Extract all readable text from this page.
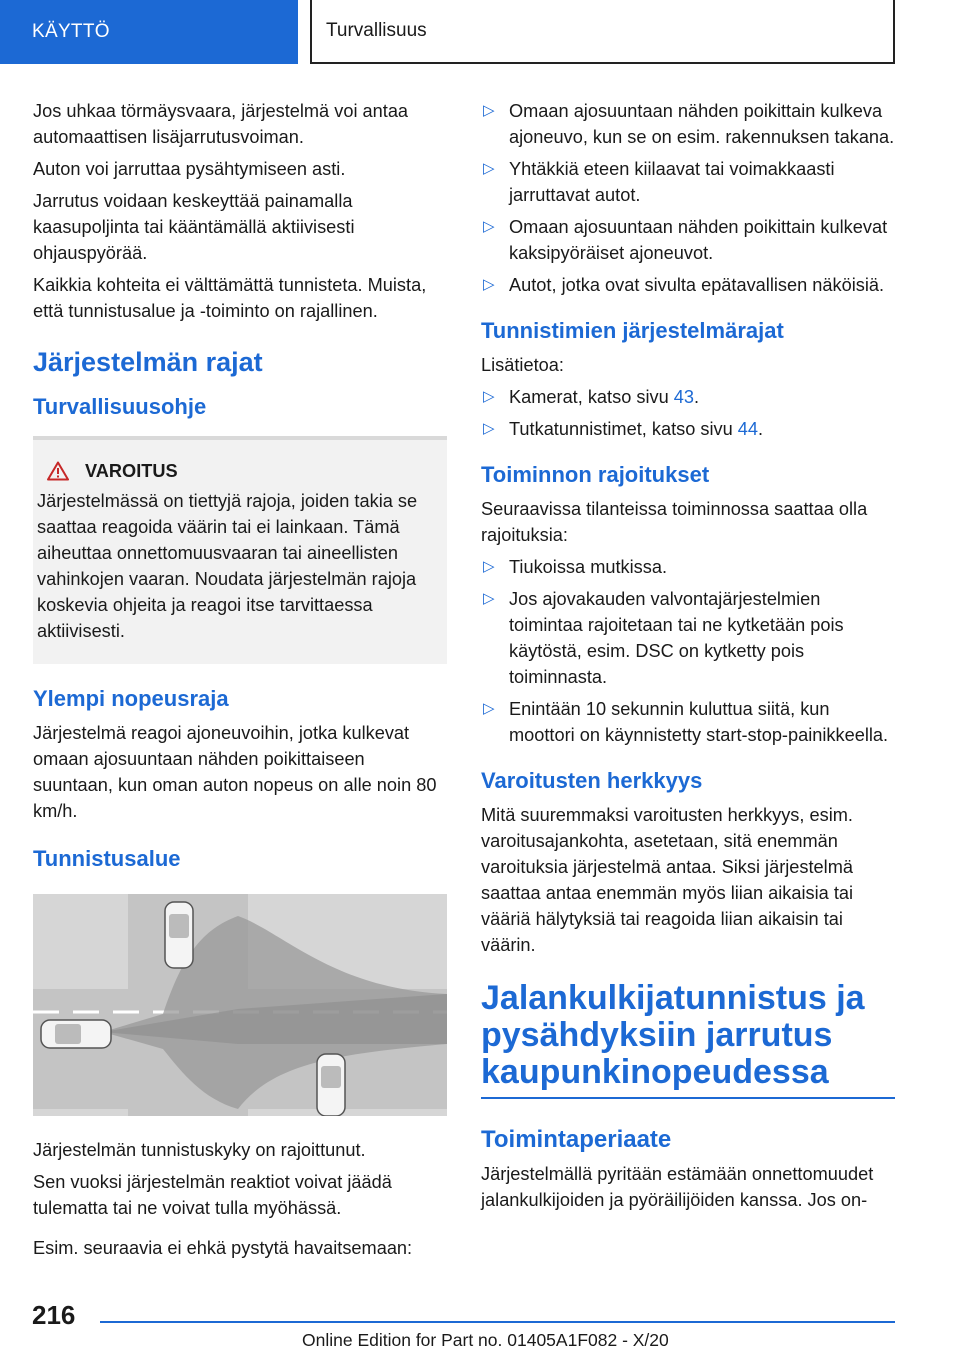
KÄYTTÖ	Turvallisuus

Jos uhkaa törmäysvaara, järjestelmä voi antaa automaattisen lisäjarrutusvoiman.

Auton voi jarruttaa pysähtymiseen asti.

Jarrutus voidaan keskeyttää painamalla kaasupoljinta tai kääntämällä aktiivisesti ohjauspyörää.

Kaikkia kohteita ei välttämättä tunnisteta. Muista, että tunnistusalue ja -toiminto on rajallinen.

Järjestelmän rajat
Turvallisuusohje
VAROITUS
Järjestelmässä on tiettyjä rajoja, joiden takia se saattaa reagoida väärin tai ei lainkaan. Tämä aiheuttaa onnettomuusvaaran tai aineellisten vahinkojen vaaran. Noudata järjestelmän rajoja koskevia ohjeita ja reagoi itse tarvittaessa aktiivisesti.
Ylempi nopeusraja

Järjestelmä reagoi ajoneuvoihin, jotka kulkevat omaan ajosuuntaan nähden poikittaiseen suuntaan, kun oman auton nopeus on alle noin 80 km/h.

Tunnistusalue

Järjestelmän tunnistuskyky on rajoittunut.

Sen vuoksi järjestelmän reaktiot voivat jäädä tulematta tai ne voivat tulla myöhässä.

Esim. seuraavia ei ehkä pystytä havaitsemaan:

▷ Omaan ajosuuntaan nähden poikittain kulkeva ajoneuvo, kun se on esim. rakennuksen takana.
▷ Yhtäkkiä eteen kiilaavat tai voimakkaasti jarruttavat autot.
▷ Omaan ajosuuntaan nähden poikittain kulkevat kaksipyöräiset ajoneuvot.
▷ Autot, jotka ovat sivulta epätavallisen näköisiä.
Tunnistimien järjestelmärajat

Lisätietoa:

▷ Kamerat, katso sivu 43.
▷ Tutkatunnistimet, katso sivu 44.
Toiminnon rajoitukset

Seuraavissa tilanteissa toiminnossa saattaa olla rajoituksia:

▷ Tiukoissa mutkissa.
▷ Jos ajovakauden valvontajärjestelmien toimintaa rajoitetaan tai ne kytketään pois käytöstä, esim. DSC on kytketty pois toiminnasta.
▷ Enintään 10 sekunnin kuluttua siitä, kun moottori on käynnistetty start-stop-painikkeella.
Varoitusten herkkyys

Mitä suuremmaksi varoitusten herkkyys, esim. varoitusajankohta, asetetaan, sitä enemmän varoituksia järjestelmä antaa. Siksi järjestelmä saattaa antaa enemmän myös liian aikaisia tai vääriä hälytyksiä tai reagoida liian aikaisin tai väärin.

Jalankulkijatunnistus ja pysähdyksiin jarrutus kaupunkinopeudessa
Toimintaperiaate

Järjestelmällä pyritään estämään onnettomuudet jalankulkijoiden ja pyöräilijöiden kanssa. Jos on-

216
Online Edition for Part no. 01405A1F082 - X/20
